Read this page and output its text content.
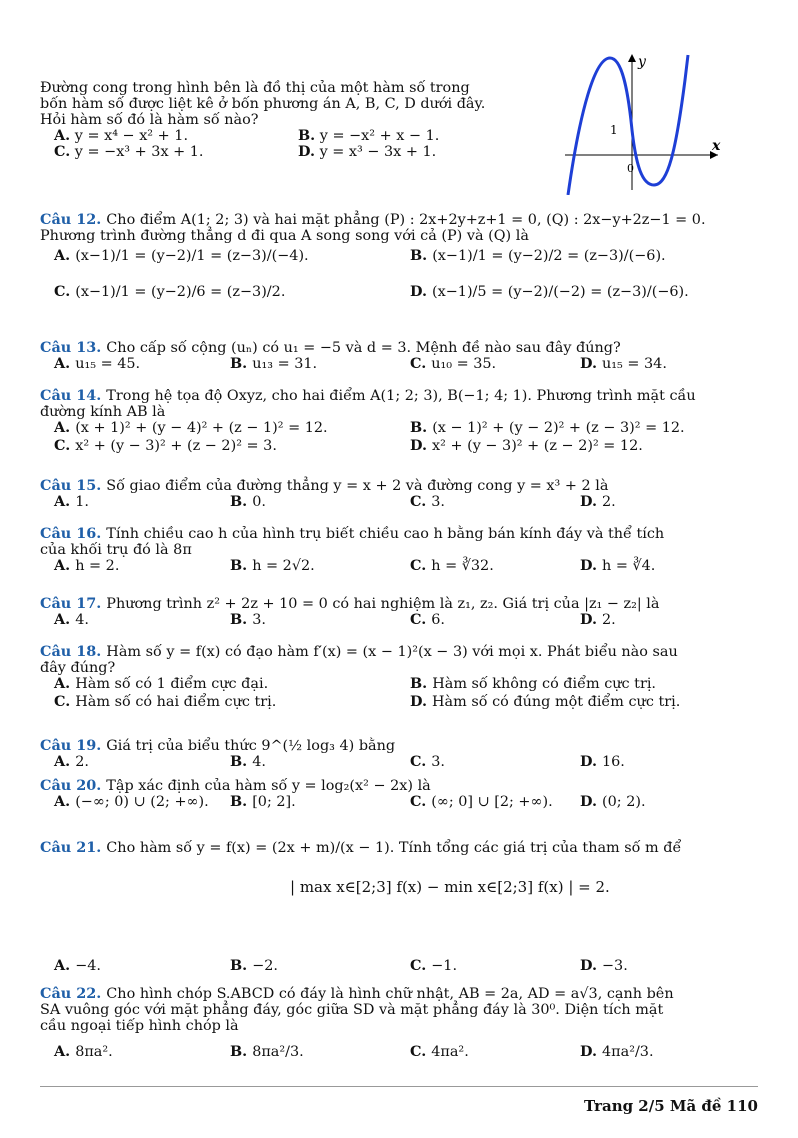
Đường cong trong hình bên là đồ thị của một hàm số trong
bốn hàm số được liệt kê ở bốn phương án A, B, C, D dưới đây.
Hỏi hàm số đó là hàm số nào?
A. y = x⁴ − x² + 1.	B. y = −x² + x − 1.
C. y = −x³ + 3x + 1.	D. y = x³ − 3x + 1.
y
x
1
0
Câu 12. Cho điểm A(1; 2; 3) và hai mặt phẳng (P) : 2x+2y+z+1 = 0, (Q) : 2x−y+2z−1 = 0.
Phương trình đường thẳng d đi qua A song song với cả (P) và (Q) là
A. (x−1)/1 = (y−2)/1 = (z−3)/(−4).	B. (x−1)/1 = (y−2)/2 = (z−3)/(−6).
C. (x−1)/1 = (y−2)/6 = (z−3)/2.	D. (x−1)/5 = (y−2)/(−2) = (z−3)/(−6).
Câu 13. Cho cấp số cộng (uₙ) có u₁ = −5 và d = 3. Mệnh đề nào sau đây đúng?
A. u₁₅ = 45.	B. u₁₃ = 31.	C. u₁₀ = 35.	D. u₁₅ = 34.
Câu 14. Trong hệ tọa độ Oxyz, cho hai điểm A(1; 2; 3), B(−1; 4; 1). Phương trình mặt cầu
đường kính AB là
A. (x + 1)² + (y − 4)² + (z − 1)² = 12.	B. (x − 1)² + (y − 2)² + (z − 3)² = 12.
C. x² + (y − 3)² + (z − 2)² = 3.	D. x² + (y − 3)² + (z − 2)² = 12.
Câu 15. Số giao điểm của đường thẳng y = x + 2 và đường cong y = x³ + 2 là
A. 1.	B. 0.	C. 3.	D. 2.
Câu 16. Tính chiều cao h của hình trụ biết chiều cao h bằng bán kính đáy và thể tích
của khối trụ đó là 8π
A. h = 2.	B. h = 2√2.	C. h = ∛32.	D. h = ∛4.
Câu 17. Phương trình z² + 2z + 10 = 0 có hai nghiệm là z₁, z₂. Giá trị của |z₁ − z₂| là
A. 4.	B. 3.	C. 6.	D. 2.
Câu 18. Hàm số y = f(x) có đạo hàm f′(x) = (x − 1)²(x − 3) với mọi x. Phát biểu nào sau
đây đúng?
A. Hàm số có 1 điểm cực đại.	B. Hàm số không có điểm cực trị.
C. Hàm số có hai điểm cực trị.	D. Hàm số có đúng một điểm cực trị.
Câu 19. Giá trị của biểu thức 9^(½ log₃ 4) bằng
A. 2.	B. 4.	C. 3.	D. 16.
Câu 20. Tập xác định của hàm số y = log₂(x² − 2x) là
A. (−∞; 0) ∪ (2; +∞). B. [0; 2].	C. (∞; 0] ∪ [2; +∞). D. (0; 2).
Câu 21. Cho hàm số y = f(x) = (2x + m)/(x − 1). Tính tổng các giá trị của tham số m để
A. −4.	B. −2.	C. −1.	D. −3.
Câu 22. Cho hình chóp S.ABCD có đáy là hình chữ nhật, AB = 2a, AD = a√3, cạnh bên
SA vuông góc với mặt phẳng đáy, góc giữa SD và mặt phẳng đáy là 30⁰. Diện tích mặt
cầu ngoại tiếp hình chóp là
A. 8πa².	B. 8πa²/3.	C. 4πa².	D. 4πa²/3.
| max x∈[2;3] f(x) − min x∈[2;3] f(x) | = 2.
Trang 2/5 Mã đề 110
